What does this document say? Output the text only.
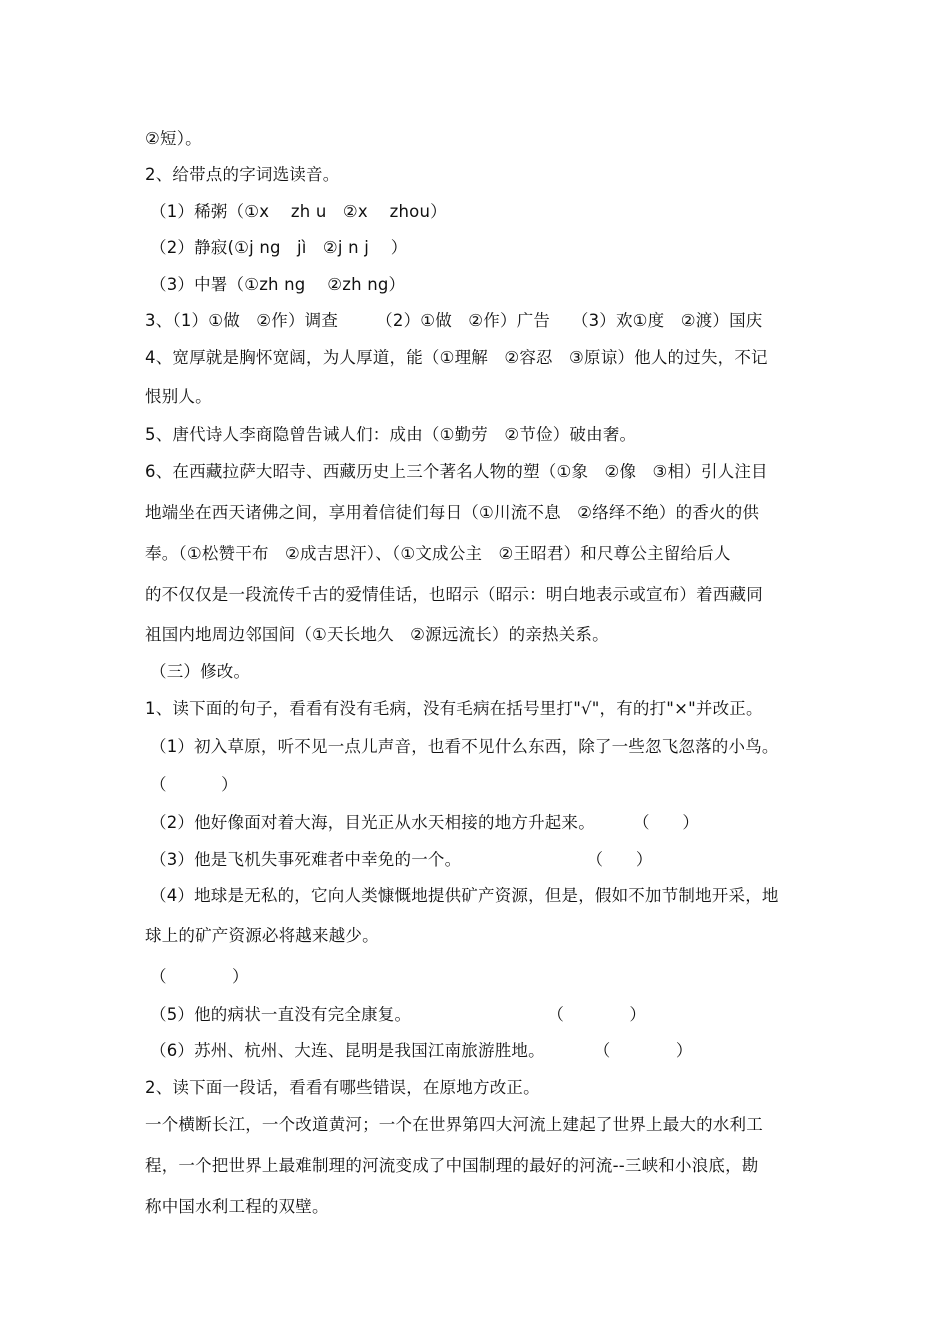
②短）。
2、给带点的字词选读音。
（1）稀粥（①x    zh u   ②x    zhou）
（2）静寂(①j ng   jì   ②j n j    ）
（3）中署（①zh ng    ②zh ng）
3、（1）①做   ②作）调查       （2）①做   ②作）广告    （3）欢①度   ②渡）国庆
4、宽厚就是胸怀宽阔，为人厚道，能（①理解   ②容忍   ③原谅）他人的过失，不记
恨别人。
5、唐代诗人李商隐曾告诫人们：成由（①勤劳   ②节俭）破由奢。
6、在西藏拉萨大昭寺、西藏历史上三个著名人物的塑（①象   ②像   ③相）引人注目
地端坐在西天诸佛之间，享用着信徒们每日（①川流不息   ②络绎不绝）的香火的供
奉。（①松赞干布   ②成吉思汗）、（①文成公主   ②王昭君）和尺尊公主留给后人
的不仅仅是一段流传千古的爱情佳话，也昭示（昭示：明白地表示或宣布）着西藏同
祖国内地周边邻国间（①天长地久   ②源远流长）的亲热关系。
（三）修改。
1、读下面的句子，看看有没有毛病，没有毛病在括号里打"√"，有的打"×"并改正。
（1）初入草原，听不见一点儿声音，也看不见什么东西，除了一些忽飞忽落的小鸟。
（          ）
（2）他好像面对着大海，目光正从水天相接的地方升起来。       （      ）
（3）他是飞机失事死难者中幸免的一个。                       （      ）
（4）地球是无私的，它向人类慷慨地提供矿产资源，但是，假如不加节制地开采，地
球上的矿产资源必将越来越少。
（            ）
（5）他的病状一直没有完全康复。                         （            ）
（6）苏州、杭州、大连、昆明是我国江南旅游胜地。         （            ）
2、读下面一段话，看看有哪些错误，在原地方改正。
一个横断长江，一个改道黄河；一个在世界第四大河流上建起了世界上最大的水利工
程，一个把世界上最难制理的河流变成了中国制理的最好的河流--三峡和小浪底，勘
称中国水利工程的双壁。
